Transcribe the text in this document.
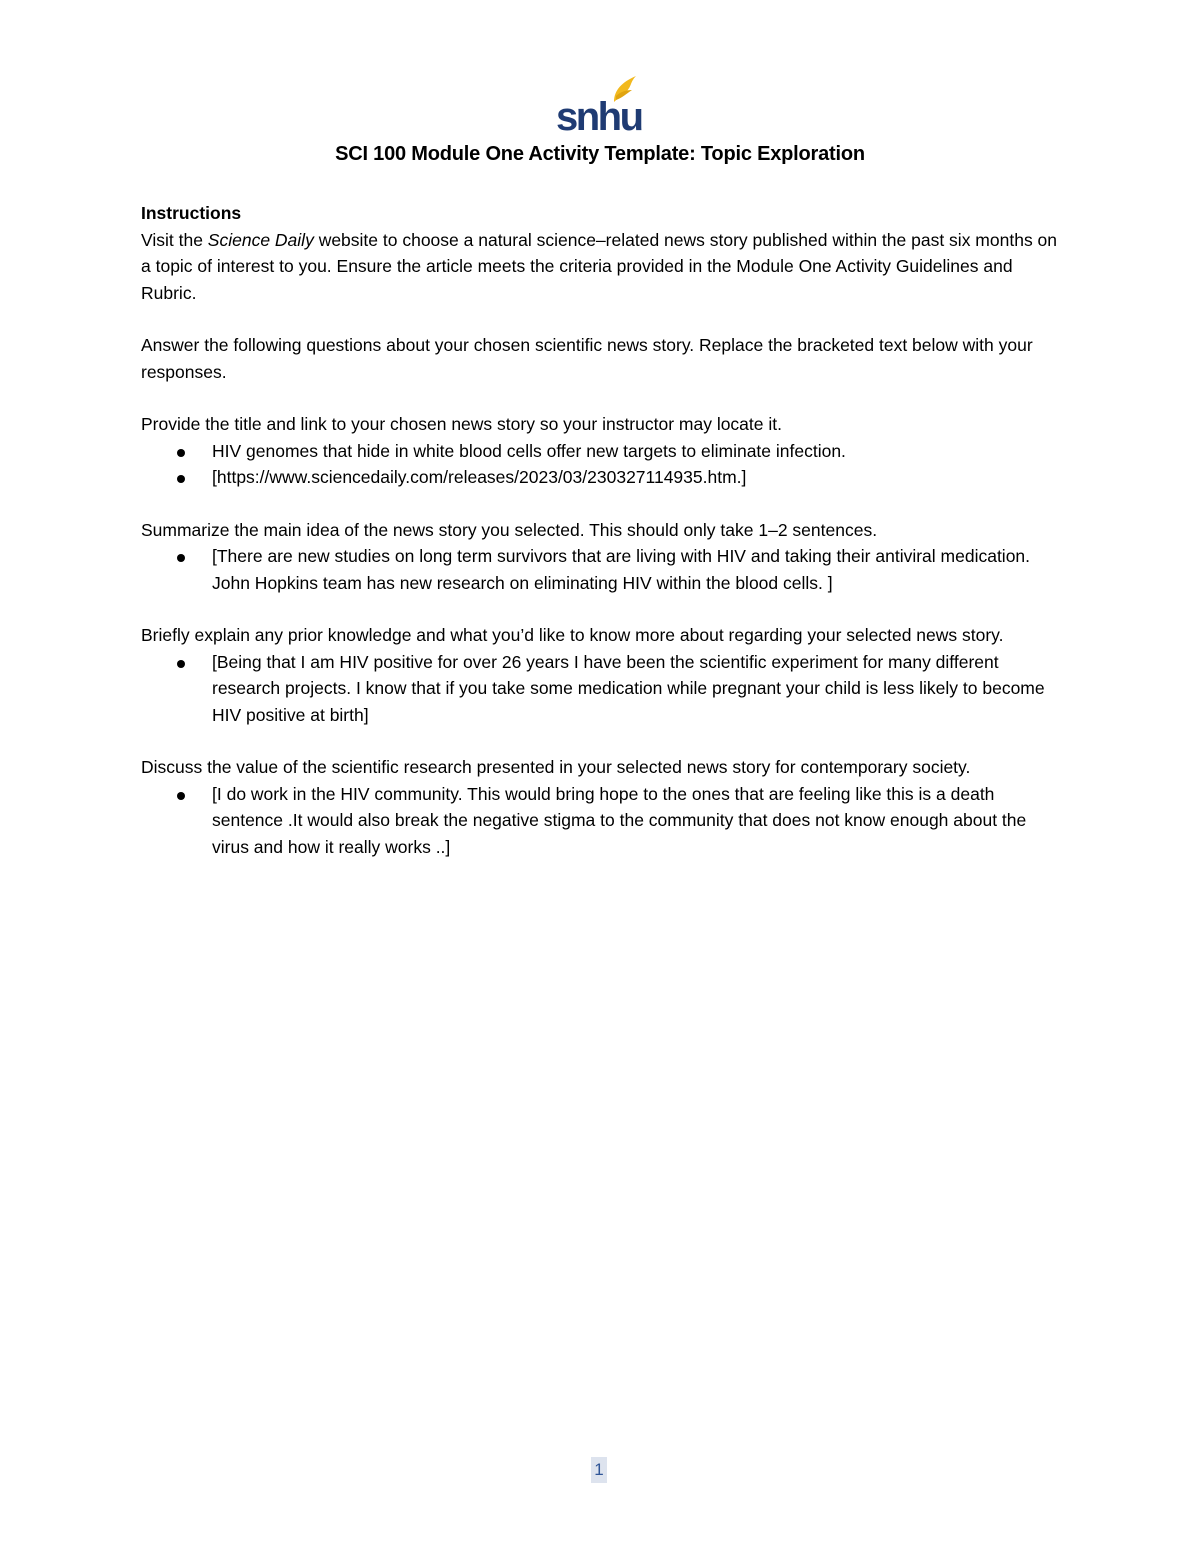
snhu
SCI 100 Module One Activity Template: Topic Exploration

Instructions

Visit the Science Daily website to choose a natural science–related news story published within the past six months on a topic of interest to you. Ensure the article meets the criteria provided in the Module One Activity Guidelines and Rubric.

Answer the following questions about your chosen scientific news story. Replace the bracketed text below with your responses.

Provide the title and link to your chosen news story so your instructor may locate it.

HIV genomes that hide in white blood cells offer new targets to eliminate infection.
[https://www.sciencedaily.com/releases/2023/03/230327114935.htm.]

Summarize the main idea of the news story you selected. This should only take 1–2 sentences.

[There are new studies on long term survivors that are living with HIV and taking their antiviral medication. John Hopkins team has new research on eliminating HIV within the blood cells. ]

Briefly explain any prior knowledge and what you’d like to know more about regarding your selected news story.

[Being that I am HIV positive for over 26 years I have been the scientific experiment for many different research projects. I know that if you take some medication while pregnant your child is less likely to become HIV positive at birth]

Discuss the value of the scientific research presented in your selected news story for contemporary society.

[I do work in the HIV community. This would bring hope to the ones that are feeling like this is a death sentence .It would also break the negative stigma to the community that does not know enough about the virus and how it really works ..]
1
